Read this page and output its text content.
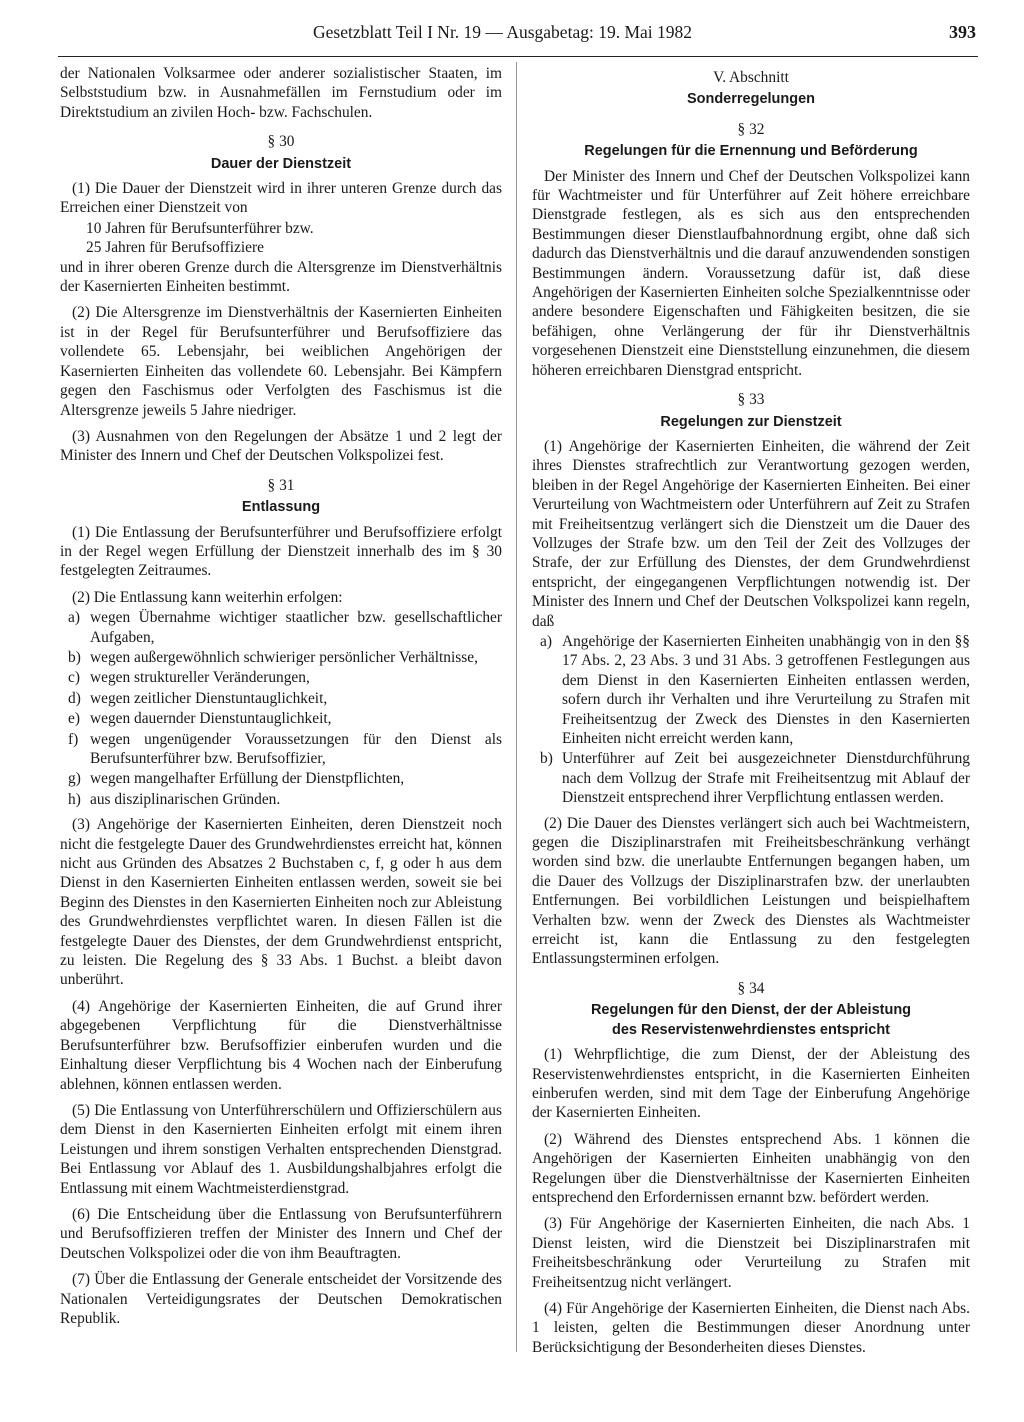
Gesetzblatt Teil I Nr. 19 — Ausgabetag: 19. Mai 1982	393

der Nationalen Volksarmee oder anderer sozialistischer Staaten, im Selbststudium bzw. in Ausnahmefällen im Fernstudium oder im Direktstudium an zivilen Hoch- bzw. Fachschulen.

§ 30
Dauer der Dienstzeit

(1) Die Dauer der Dienstzeit wird in ihrer unteren Grenze durch das Erreichen einer Dienstzeit von

10 Jahren für Berufsunterführer bzw.
25 Jahren für Berufsoffiziere

und in ihrer oberen Grenze durch die Altersgrenze im Dienstverhältnis der Kasernierten Einheiten bestimmt.

(2) Die Altersgrenze im Dienstverhältnis der Kasernierten Einheiten ist in der Regel für Berufsunterführer und Berufsoffiziere das vollendete 65. Lebensjahr, bei weiblichen Angehörigen der Kasernierten Einheiten das vollendete 60. Lebensjahr. Bei Kämpfern gegen den Faschismus oder Verfolgten des Faschismus ist die Altersgrenze jeweils 5 Jahre niedriger.

(3) Ausnahmen von den Regelungen der Absätze 1 und 2 legt der Minister des Innern und Chef der Deutschen Volkspolizei fest.

§ 31
Entlassung

(1) Die Entlassung der Berufsunterführer und Berufsoffiziere erfolgt in der Regel wegen Erfüllung der Dienstzeit innerhalb des im § 30 festgelegten Zeitraumes.

(2) Die Entlassung kann weiterhin erfolgen:

a) wegen Übernahme wichtiger staatlicher bzw. gesellschaftlicher Aufgaben,
b) wegen außergewöhnlich schwieriger persönlicher Verhältnisse,
c) wegen struktureller Veränderungen,
d) wegen zeitlicher Dienstuntauglichkeit,
e) wegen dauernder Dienstuntauglichkeit,
f) wegen ungenügender Voraussetzungen für den Dienst als Berufsunterführer bzw. Berufsoffizier,
g) wegen mangelhafter Erfüllung der Dienstpflichten,
h) aus disziplinarischen Gründen.

(3) Angehörige der Kasernierten Einheiten, deren Dienstzeit noch nicht die festgelegte Dauer des Grundwehrdienstes erreicht hat, können nicht aus Gründen des Absatzes 2 Buchstaben c, f, g oder h aus dem Dienst in den Kasernierten Einheiten entlassen werden, soweit sie bei Beginn des Dienstes in den Kasernierten Einheiten noch zur Ableistung des Grundwehrdienstes verpflichtet waren. In diesen Fällen ist die festgelegte Dauer des Dienstes, der dem Grundwehrdienst entspricht, zu leisten. Die Regelung des § 33 Abs. 1 Buchst. a bleibt davon unberührt.

(4) Angehörige der Kasernierten Einheiten, die auf Grund ihrer abgegebenen Verpflichtung für die Dienstverhältnisse Berufsunterführer bzw. Berufsoffizier einberufen wurden und die Einhaltung dieser Verpflichtung bis 4 Wochen nach der Einberufung ablehnen, können entlassen werden.

(5) Die Entlassung von Unterführerschülern und Offizierschülern aus dem Dienst in den Kasernierten Einheiten erfolgt mit einem ihren Leistungen und ihrem sonstigen Verhalten entsprechenden Dienstgrad. Bei Entlassung vor Ablauf des 1. Ausbildungshalbjahres erfolgt die Entlassung mit einem Wachtmeisterdienstgrad.

(6) Die Entscheidung über die Entlassung von Berufsunterführern und Berufsoffizieren treffen der Minister des Innern und Chef der Deutschen Volkspolizei oder die von ihm Beauftragten.

(7) Über die Entlassung der Generale entscheidet der Vorsitzende des Nationalen Verteidigungsrates der Deutschen Demokratischen Republik.

V. Abschnitt
Sonderregelungen
§ 32
Regelungen für die Ernennung und Beförderung

Der Minister des Innern und Chef der Deutschen Volkspolizei kann für Wachtmeister und für Unterführer auf Zeit höhere erreichbare Dienstgrade festlegen, als es sich aus den entsprechenden Bestimmungen dieser Dienstlaufbahnordnung ergibt, ohne daß sich dadurch das Dienstverhältnis und die darauf anzuwendenden sonstigen Bestimmungen ändern. Voraussetzung dafür ist, daß diese Angehörigen der Kasernierten Einheiten solche Spezialkenntnisse oder andere besondere Eigenschaften und Fähigkeiten besitzen, die sie befähigen, ohne Verlängerung der für ihr Dienstverhältnis vorgesehenen Dienstzeit eine Dienststellung einzunehmen, die diesem höheren erreichbaren Dienstgrad entspricht.

§ 33
Regelungen zur Dienstzeit

(1) Angehörige der Kasernierten Einheiten, die während der Zeit ihres Dienstes strafrechtlich zur Verantwortung gezogen werden, bleiben in der Regel Angehörige der Kasernierten Einheiten. Bei einer Verurteilung von Wachtmeistern oder Unterführern auf Zeit zu Strafen mit Freiheitsentzug verlängert sich die Dienstzeit um die Dauer des Vollzuges der Strafe bzw. um den Teil der Zeit des Vollzuges der Strafe, der zur Erfüllung des Dienstes, der dem Grundwehrdienst entspricht, der eingegangenen Verpflichtungen notwendig ist. Der Minister des Innern und Chef der Deutschen Volkspolizei kann regeln, daß

a) Angehörige der Kasernierten Einheiten unabhängig von in den §§ 17 Abs. 2, 23 Abs. 3 und 31 Abs. 3 getroffenen Festlegungen aus dem Dienst in den Kasernierten Einheiten entlassen werden, sofern durch ihr Verhalten und ihre Verurteilung zu Strafen mit Freiheitsentzug der Zweck des Dienstes in den Kasernierten Einheiten nicht erreicht werden kann,
b) Unterführer auf Zeit bei ausgezeichneter Dienstdurchführung nach dem Vollzug der Strafe mit Freiheitsentzug mit Ablauf der Dienstzeit entsprechend ihrer Verpflichtung entlassen werden.

(2) Die Dauer des Dienstes verlängert sich auch bei Wachtmeistern, gegen die Disziplinarstrafen mit Freiheitsbeschränkung verhängt worden sind bzw. die unerlaubte Entfernungen begangen haben, um die Dauer des Vollzugs der Disziplinarstrafen bzw. der unerlaubten Entfernungen. Bei vorbildlichen Leistungen und beispielhaftem Verhalten bzw. wenn der Zweck des Dienstes als Wachtmeister erreicht ist, kann die Entlassung zu den festgelegten Entlassungsterminen erfolgen.

§ 34
Regelungen für den Dienst, der der Ableistung
des Reservistenwehrdienstes entspricht

(1) Wehrpflichtige, die zum Dienst, der der Ableistung des Reservistenwehrdienstes entspricht, in die Kasernierten Einheiten einberufen werden, sind mit dem Tage der Einberufung Angehörige der Kasernierten Einheiten.

(2) Während des Dienstes entsprechend Abs. 1 können die Angehörigen der Kasernierten Einheiten unabhängig von den Regelungen über die Dienstverhältnisse der Kasernierten Einheiten entsprechend den Erfordernissen ernannt bzw. befördert werden.

(3) Für Angehörige der Kasernierten Einheiten, die nach Abs. 1 Dienst leisten, wird die Dienstzeit bei Disziplinarstrafen mit Freiheitsbeschränkung oder Verurteilung zu Strafen mit Freiheitsentzug nicht verlängert.

(4) Für Angehörige der Kasernierten Einheiten, die Dienst nach Abs. 1 leisten, gelten die Bestimmungen dieser Anordnung unter Berücksichtigung der Besonderheiten dieses Dienstes.
